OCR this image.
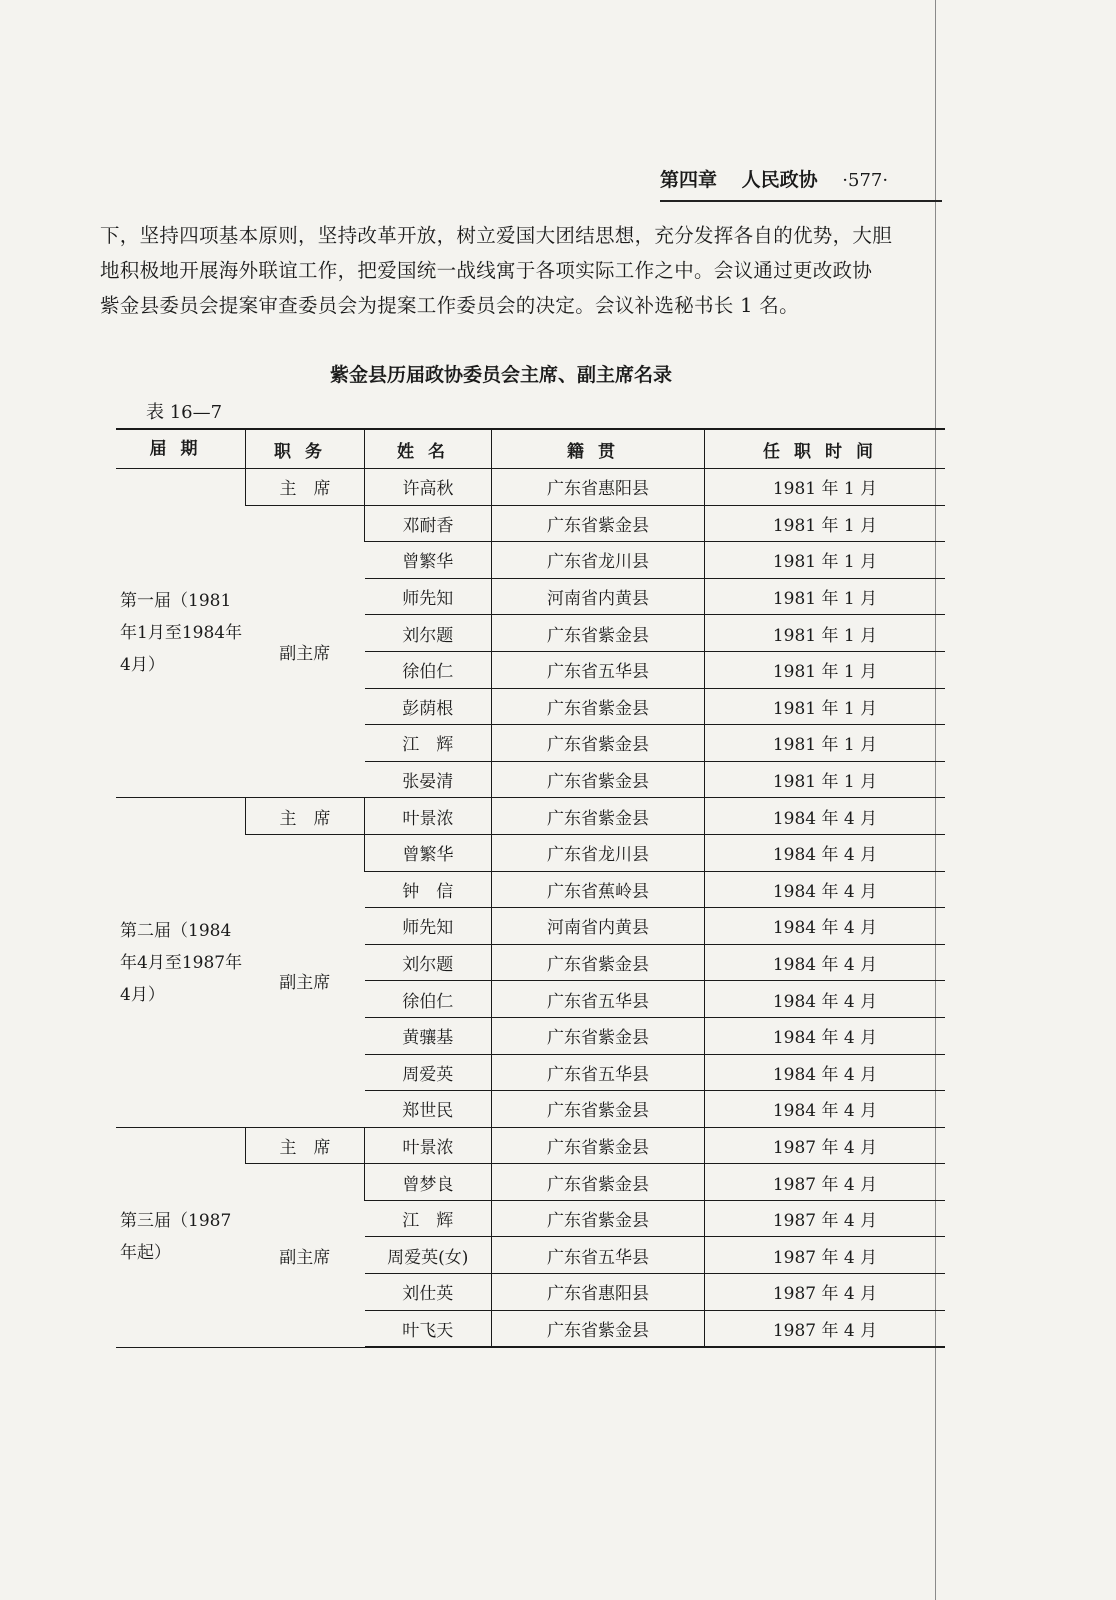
第四章 人民政协 ·577·

下，坚持四项基本原则，坚持改革开放，树立爱国大团结思想，充分发挥各自的优势，大胆

地积极地开展海外联谊工作，把爱国统一战线寓于各项实际工作之中。会议通过更改政协

紫金县委员会提案审查委员会为提案工作委员会的决定。会议补选秘书长 1 名。

紫金县历届政协委员会主席、副主席名录
表 16—7
届期	职务	姓名	籍贯	任职时间
第一届（1981年1月至1984年4月）	主　席	许高秋	广东省惠阳县	1981 年 1 月
	副主席	邓耐香	广东省紫金县	1981 年 1 月
		曾繁华	广东省龙川县	1981 年 1 月
		师先知	河南省内黄县	1981 年 1 月
		刘尔题	广东省紫金县	1981 年 1 月
		徐伯仁	广东省五华县	1981 年 1 月
		彭荫根	广东省紫金县	1981 年 1 月
		江　辉	广东省紫金县	1981 年 1 月
		张晏清	广东省紫金县	1981 年 1 月
第二届（1984年4月至1987年4月）	主　席	叶景浓	广东省紫金县	1984 年 4 月
	副主席	曾繁华	广东省龙川县	1984 年 4 月
		钟　信	广东省蕉岭县	1984 年 4 月
		师先知	河南省内黄县	1984 年 4 月
		刘尔题	广东省紫金县	1984 年 4 月
		徐伯仁	广东省五华县	1984 年 4 月
		黄骧基	广东省紫金县	1984 年 4 月
		周爱英	广东省五华县	1984 年 4 月
		郑世民	广东省紫金县	1984 年 4 月
第三届（1987年起）	主　席	叶景浓	广东省紫金县	1987 年 4 月
	副主席	曾梦良	广东省紫金县	1987 年 4 月
		江　辉	广东省紫金县	1987 年 4 月
		周爱英(女)	广东省五华县	1987 年 4 月
		刘仕英	广东省惠阳县	1987 年 4 月
		叶飞天	广东省紫金县	1987 年 4 月
